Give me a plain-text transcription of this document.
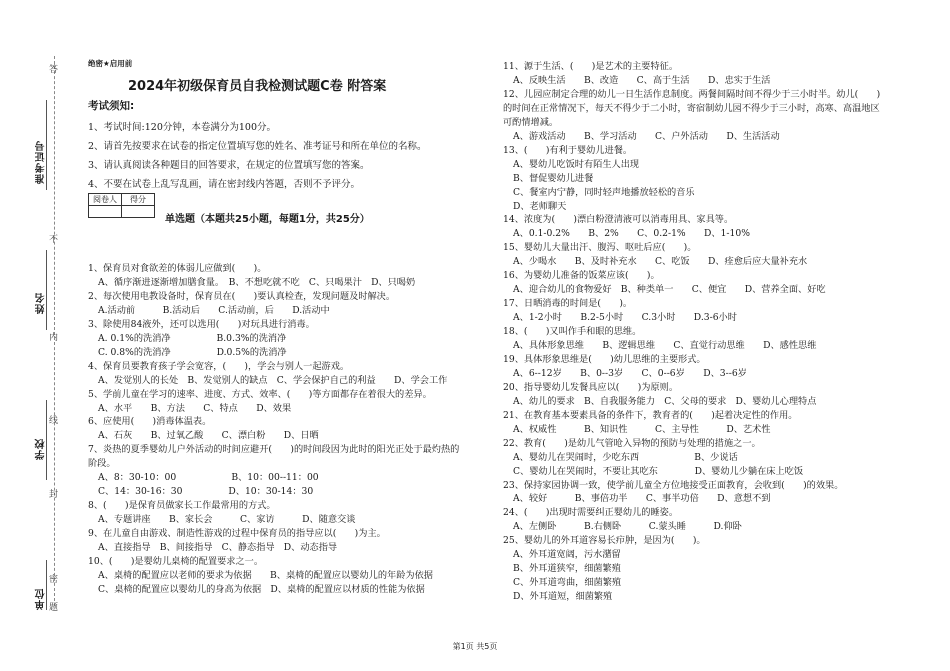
准考证号
姓名
学校
单位
答
不
内
线
封
密
题
绝密★启用前
2024年初级保育员自我检测试题C卷 附答案
考试须知:
1、考试时间:120分钟，本卷满分为100分。
2、请首先按要求在试卷的指定位置填写您的姓名、准考证号和所在单位的名称。
3、请认真阅读各种题目的回答要求，在规定的位置填写您的答案。
4、不要在试卷上乱写乱画，请在密封线内答题，否则不予评分。
阅卷人	得分

单选题（本题共25小题，每题1分，共25分）
1、保育员对食欲差的体弱儿应做到(　　)。
A、循序渐进逐渐增加膳食量。　B、不想吃就不吃　C、只喝果汁　D、只喝奶
2、每次使用电教设备时，保育员在(　　)要认真检查，发现问题及时解决。
A.活动前　　　B.活动后　　C.活动前，后　　D.活动中
3、除使用84液外，还可以选用(　　)对玩具进行消毒。
A. 0.1%的洗消净　　　　　B.0.3%的洗消净
C. 0.8%的洗消净　　　　　D.0.5%的洗消净
4、保育员要教育孩子学会宽容，(　　)，学会与别人一起游戏。
A、发觉别人的长处　B、发觉别人的缺点　C、学会保护自己的利益　　D、学会工作
5、学前儿童在学习的速率、进度、方式、效率、(　　)等方面都存在着很大的差异。
A、水平　　B、方法　　C、特点　　D、效果
6、应使用(　　)消毒体温表。
A、石灰　　B、过氧乙酸　　C、漂白粉　　D、日晒
7、炎热的夏季婴幼儿户外活动的时间应避开(　　)的时间段因为此时的阳光正处于最灼热的
阶段。
A、8：30-10：00　　　　　　B、10：00--11：00
C、14：30-16：30　　　　　D、10：30-14：30
8、(　　)是保育员做家长工作最常用的方式。
A、专题讲座　　B、家长会　　　C、家访　　　D、随意交谈
9、在儿童自由游戏、制造性游戏的过程中保育员的指导应以(　　)为主。
A、直接指导　B、间接指导　C、静态指导　D、动态指导
10、(　　)是婴幼儿桌椅的配置要求之一。
A、桌椅的配置应以老师的要求为依据　　B、桌椅的配置应以婴幼儿的年龄为依据
C、桌椅的配置应以婴幼儿的身高为依据　D、桌椅的配置应以材质的性能为依据
11、源于生活、(　　)是艺术的主要特征。
A、反映生活　　B、改造　　C、高于生活　　D、忠实于生活
12、儿园应制定合理的幼儿一日生活作息制度。两餐间隔时间不得少于三小时半。幼儿(　　)
的时间在正常情况下，每天不得少于二小时，寄宿制幼儿园不得少于三小时，高寒、高温地区
可酌情增减。
A、游戏活动　　B、学习活动　　C、户外活动　　D、生活活动
13、(　　)有利于婴幼儿进餐。
A、婴幼儿吃饭时有陌生人出现
B、督促婴幼儿进餐
C、餐室内宁静，同时轻声地播放轻松的音乐
D、老师聊天
14、浓度为(　　)漂白粉澄清液可以消毒用具、家具等。
A、0.1-0.2%　　B、2%　　C、0.2-1%　　D、1-10%
15、婴幼儿大量出汗、腹泻、呕吐后应(　　)。
A、少喝水　　B、及时补充水　　C、吃饭　　D、痊愈后应大量补充水
16、为婴幼儿准备的饭菜应该(　　)。
A、迎合幼儿的食物爱好　B、种类单一　　C、便宜　　D、营养全面、好吃
17、日晒消毒的时间是(　　)。
A、1-2小时　　B.2-5小时　　C.3小时　　D.3-6小时
18、(　　)又叫作手和眼的思维。
A、具体形象思维　　B、逻辑思维　　C、直觉行动思维　　D、感性思维
19、具体形象思维是(　　)幼儿思维的主要形式。
A、6--12岁　　B、0--3岁　　C、0--6岁　　D、3--6岁
20、指导婴幼儿发餐具应以(　　)为原则。
A、幼儿的要求　B、自我服务能力　C、父母的要求　D、婴幼儿心理特点
21、在教育基本要素具备的条件下，教育者的(　　)起着决定性的作用。
A、权威性　　　B、知识性　　　C、主导性　　　D、艺术性
22、教育(　　)是幼儿气管呛入异物的预防与处理的措施之一。
A、婴幼儿在哭闹时，少吃东西　　　　　　B、少说话
C、婴幼儿在哭闹时，不要让其吃东　　　　D、婴幼儿少躺在床上吃饭
23、保持家园协调一致，使学前儿童全方位地接受正面教育，会收到(　　)的效果。
A、较好　　　B、事倍功半　　C、事半功倍　　D、意想不到
24、(　　)出现时需要纠正婴幼儿的睡姿。
A、左侧卧　　　B.右侧卧　　　C.蒙头睡　　　D.仰卧
25、婴幼儿的外耳道容易长疖肿，是因为(　　)。
A、外耳道宽阔，污水潴留
B、外耳道狭窄，细菌繁殖
C、外耳道弯曲，细菌繁殖
D、外耳道短，细菌繁殖
第1页 共5页
